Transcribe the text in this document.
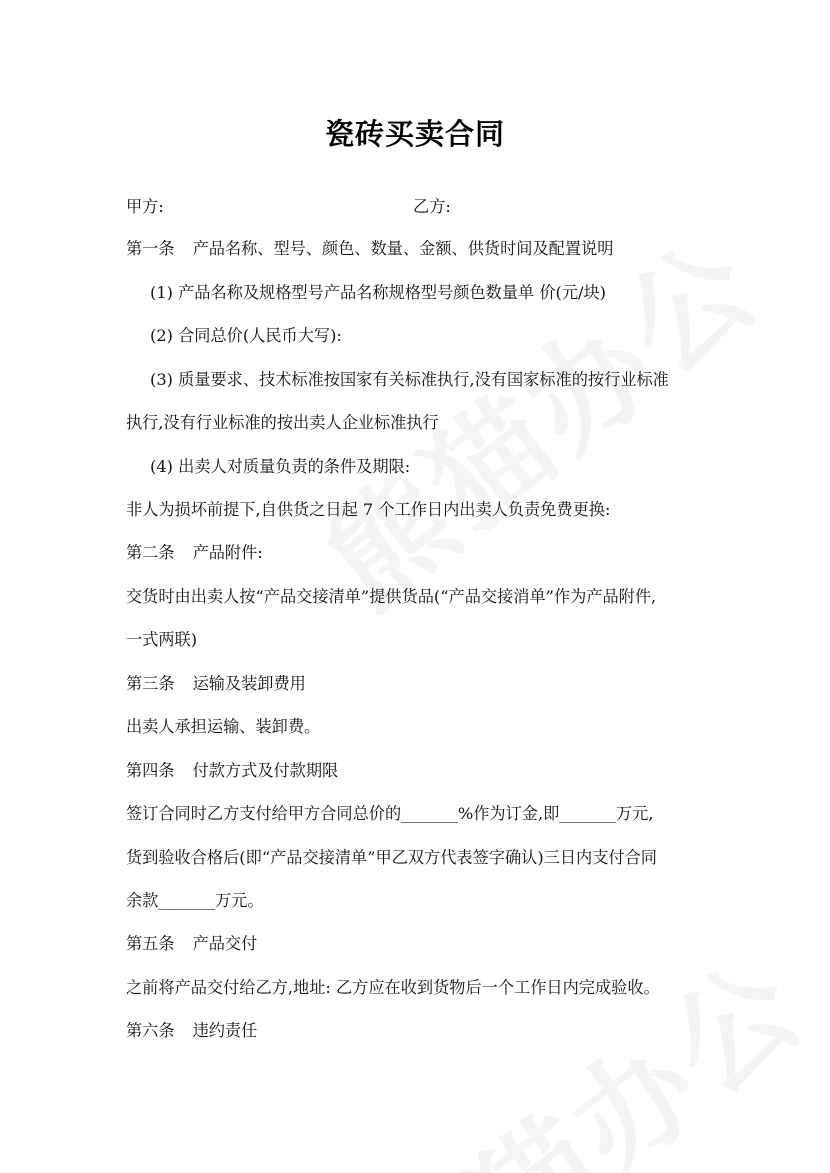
瓷砖买卖合同
甲方:	乙方:
第一条 产品名称、型号、颜色、数量、金额、供货时间及配置说明
(1) 产品名称及规格型号产品名称规格型号颜色数量单 价(元/块)
(2) 合同总价(人民币大写):
(3) 质量要求、技术标准按国家有关标准执行,没有国家标准的按行业标准
执行,没有行业标准的按出卖人企业标准执行
(4) 出卖人对质量负责的条件及期限:
非人为损坏前提下,自供货之日起 7 个工作日内出卖人负责免费更换:
第二条 产品附件:
交货时由出卖人按“产品交接清单”提供货品(“产品交接消单”作为产品附件,
一式两联)
第三条 运输及装卸费用
出卖人承担运输、装卸费。
第四条 付款方式及付款期限
签订合同时乙方支付给甲方合同总价的_______%作为订金,即_______万元,
货到验收合格后(即“产品交接清单”甲乙双方代表签字确认)三日内支付合同
余款_______万元。
第五条 产品交付
之前将产品交付给乙方,地址: 乙方应在收到货物后一个工作日内完成验收。
第六条 违约责任
